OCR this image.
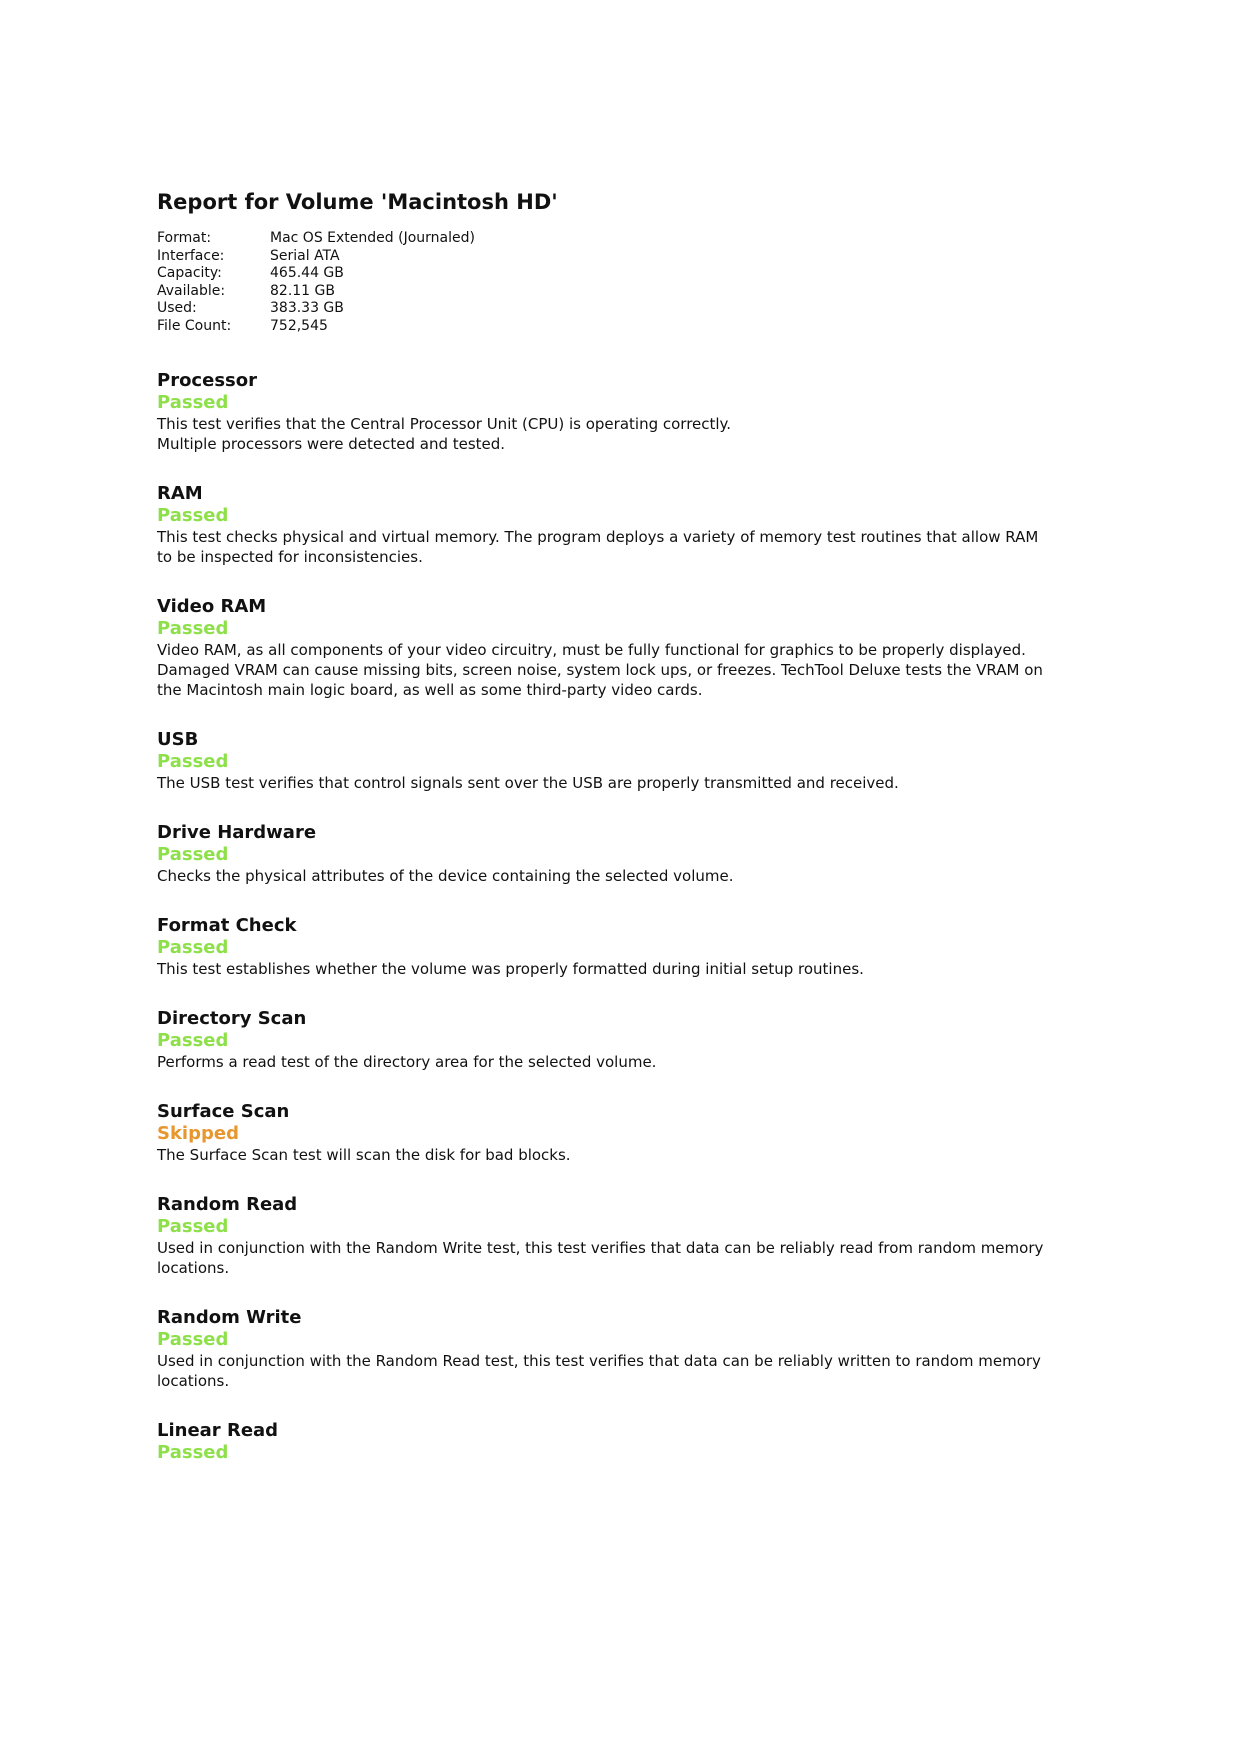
Report for Volume 'Macintosh HD'
Format:	Mac OS Extended (Journaled)
Interface:	Serial ATA
Capacity:	465.44 GB
Available:	82.11 GB
Used:	383.33 GB
File Count:	752,545
Processor
Passed
This test verifies that the Central Processor Unit (CPU) is operating correctly.
Multiple processors were detected and tested.
RAM
Passed
This test checks physical and virtual memory. The program deploys a variety of memory test routines that allow RAM
to be inspected for inconsistencies.
Video RAM
Passed
Video RAM, as all components of your video circuitry, must be fully functional for graphics to be properly displayed.
Damaged VRAM can cause missing bits, screen noise, system lock ups, or freezes. TechTool Deluxe tests the VRAM on
the Macintosh main logic board, as well as some third-party video cards.
USB
Passed
The USB test verifies that control signals sent over the USB are properly transmitted and received.
Drive Hardware
Passed
Checks the physical attributes of the device containing the selected volume.
Format Check
Passed
This test establishes whether the volume was properly formatted during initial setup routines.
Directory Scan
Passed
Performs a read test of the directory area for the selected volume.
Surface Scan
Skipped
The Surface Scan test will scan the disk for bad blocks.
Random Read
Passed
Used in conjunction with the Random Write test, this test verifies that data can be reliably read from random memory
locations.
Random Write
Passed
Used in conjunction with the Random Read test, this test verifies that data can be reliably written to random memory
locations.
Linear Read
Passed
